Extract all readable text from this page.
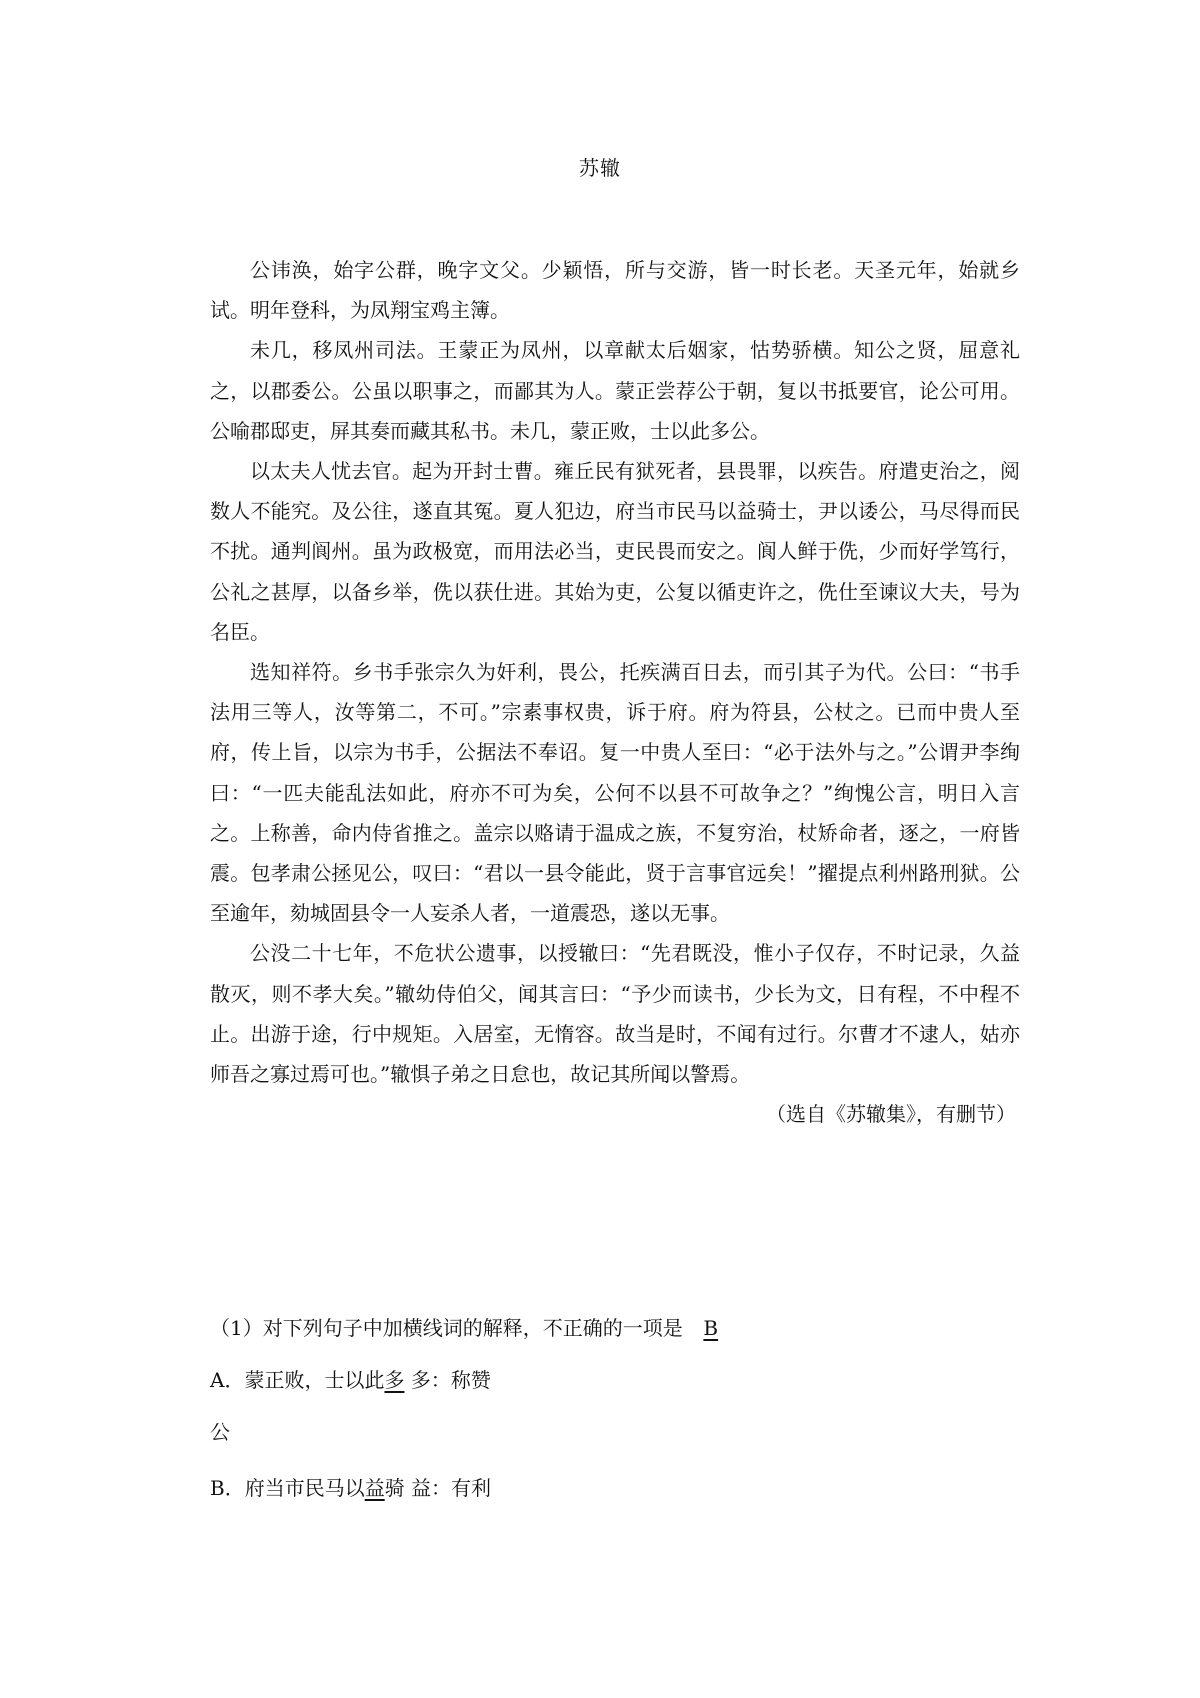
苏辙

公讳涣，始字公群，晚字文父。少颖悟，所与交游，皆一时长老。天圣元年，始就乡试。明年登科，为凤翔宝鸡主簿。

未几，移凤州司法。王蒙正为凤州，以章献太后姻家，怙势骄横。知公之贤，屈意礼之，以郡委公。公虽以职事之，而鄙其为人。蒙正尝荐公于朝，复以书抵要官，论公可用。公喻郡邸吏，屏其奏而藏其私书。未几，蒙正败，士以此多公。

以太夫人忧去官。起为开封士曹。雍丘民有狱死者，县畏罪，以疾告。府遣吏治之，阅数人不能究。及公往，遂直其冤。夏人犯边，府当市民马以益骑士，尹以诿公，马尽得而民不扰。通判阆州。虽为政极宽，而用法必当，吏民畏而安之。阆人鲜于侁，少而好学笃行，公礼之甚厚，以备乡举，侁以获仕进。其始为吏，公复以循吏许之，侁仕至谏议大夫，号为名臣。

选知祥符。乡书手张宗久为奸利，畏公，托疾满百日去，而引其子为代。公曰：“书手法用三等人，汝等第二，不可。”宗素事权贵，诉于府。府为符县，公杖之。已而中贵人至府，传上旨，以宗为书手，公据法不奉诏。复一中贵人至曰：“必于法外与之。”公谓尹李绚曰：“一匹夫能乱法如此，府亦不可为矣，公何不以县不可故争之？”绚愧公言，明日入言之。上称善，命内侍省推之。盖宗以赂请于温成之族，不复穷治，杖矫命者，逐之，一府皆震。包孝肃公拯见公，叹曰：“君以一县令能此，贤于言事官远矣！”擢提点利州路刑狱。公至逾年，劾城固县令一人妄杀人者，一道震恐，遂以无事。

公没二十七年，不危状公遗事，以授辙曰：“先君既没，惟小子仅存，不时记录，久益散灭，则不孝大矣。”辙幼侍伯父，闻其言曰：“予少而读书，少长为文，日有程，不中程不止。出游于途，行中规矩。入居室，无惰容。故当是时，不闻有过行。尔曹才不逮人，姑亦师吾之寡过焉可也。”辙惧子弟之日怠也，故记其所闻以警焉。

（选自《苏辙集》，有删节）
（1）对下列句子中加横线词的解释，不正确的一项是 B
A．蒙正败，士以此多 多：称赞
公
B．府当市民马以益骑 益：有利
